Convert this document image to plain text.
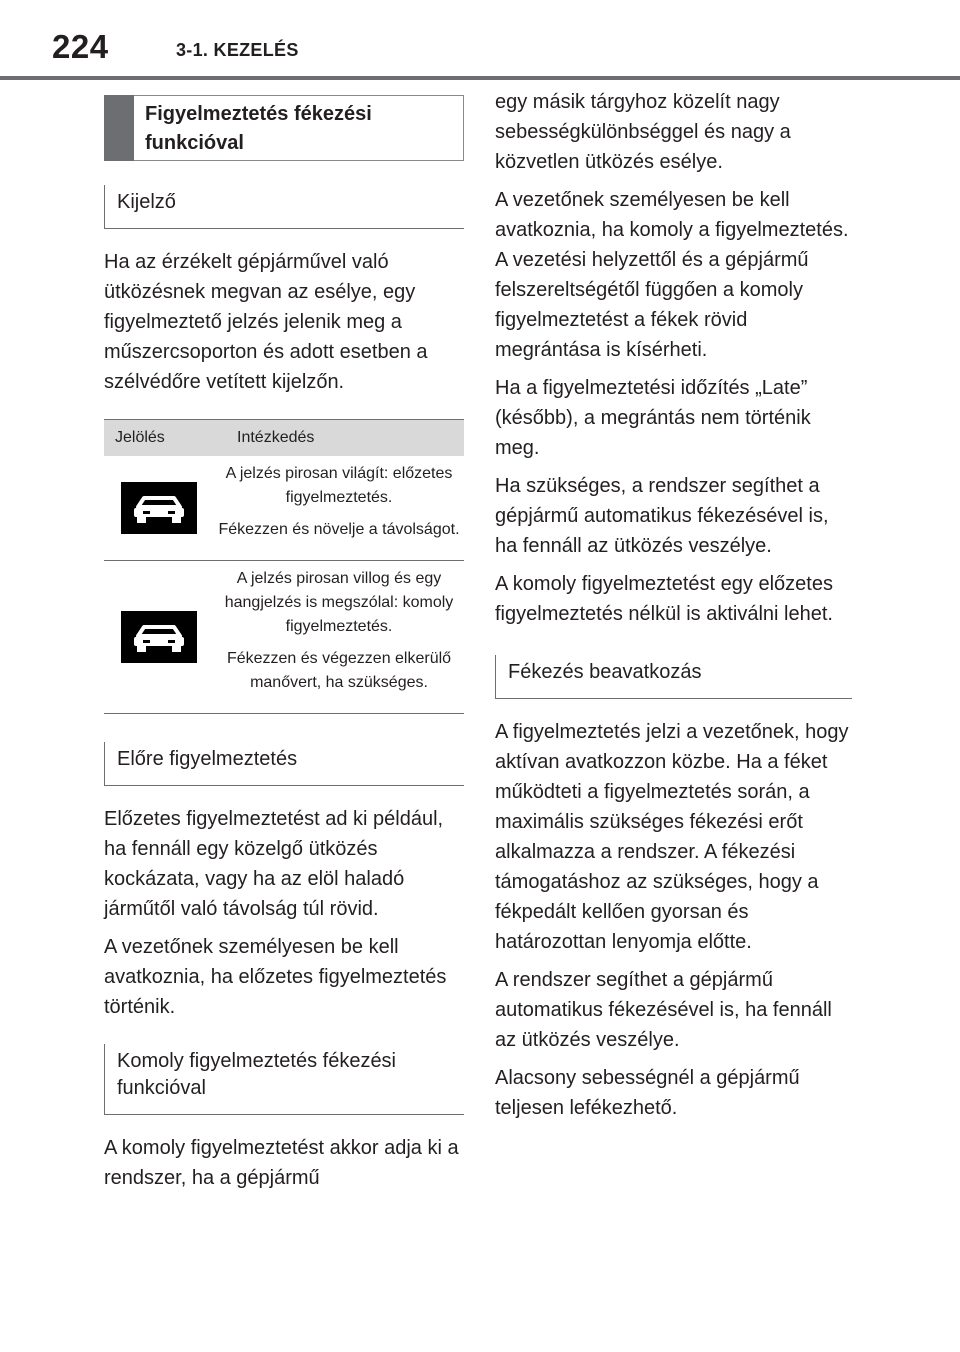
224	3-1. KEZELÉS
Figyelmeztetés fékezési funkcióval
Kijelző

Ha az érzékelt gépjárművel való ütközésnek megvan az esélye, egy figyelmeztető jelzés jelenik meg a műszercsoporton és adott esetben a szélvédőre vetített kijelzőn.

Jelölés	Intézkedés

A jelzés pirosan világít: előzetes figyelmeztetés.

Fékezzen és növelje a távolságot.

A jelzés pirosan villog és egy hangjelzés is megszólal: komoly figyelmeztetés.

Fékezzen és végezzen elkerülő manővert, ha szükséges.

Előre figyelmeztetés

Előzetes figyelmeztetést ad ki például, ha fennáll egy közelgő ütközés kockázata, vagy ha az elöl haladó járműtől való távolság túl rövid.

A vezetőnek személyesen be kell avatkoznia, ha előzetes figyelmeztetés történik.

Komoly figyelmeztetés fékezési funkcióval

A komoly figyelmeztetést akkor adja ki a rendszer, ha a gépjármű

egy másik tárgyhoz közelít nagy sebességkülönbséggel és nagy a közvetlen ütközés esélye.

A vezetőnek személyesen be kell avatkoznia, ha komoly a figyelmeztetés. A vezetési helyzettől és a gépjármű felszereltségétől függően a komoly figyelmeztetést a fékek rövid megrántása is kísérheti.

Ha a figyelmeztetési időzítés „Late” (később), a megrántás nem történik meg.

Ha szükséges, a rendszer segíthet a gépjármű automatikus fékezésével is, ha fennáll az ütközés veszélye.

A komoly figyelmeztetést egy előzetes figyelmeztetés nélkül is aktiválni lehet.

Fékezés beavatkozás

A figyelmeztetés jelzi a vezetőnek, hogy aktívan avatkozzon közbe. Ha a féket működteti a figyelmeztetés során, a maximális szükséges fékezési erőt alkalmazza a rendszer. A fékezési támogatáshoz az szükséges, hogy a fékpedált kellően gyorsan és határozottan lenyomja előtte.

A rendszer segíthet a gépjármű automatikus fékezésével is, ha fennáll az ütközés veszélye.

Alacsony sebességnél a gépjármű teljesen lefékezhető.
